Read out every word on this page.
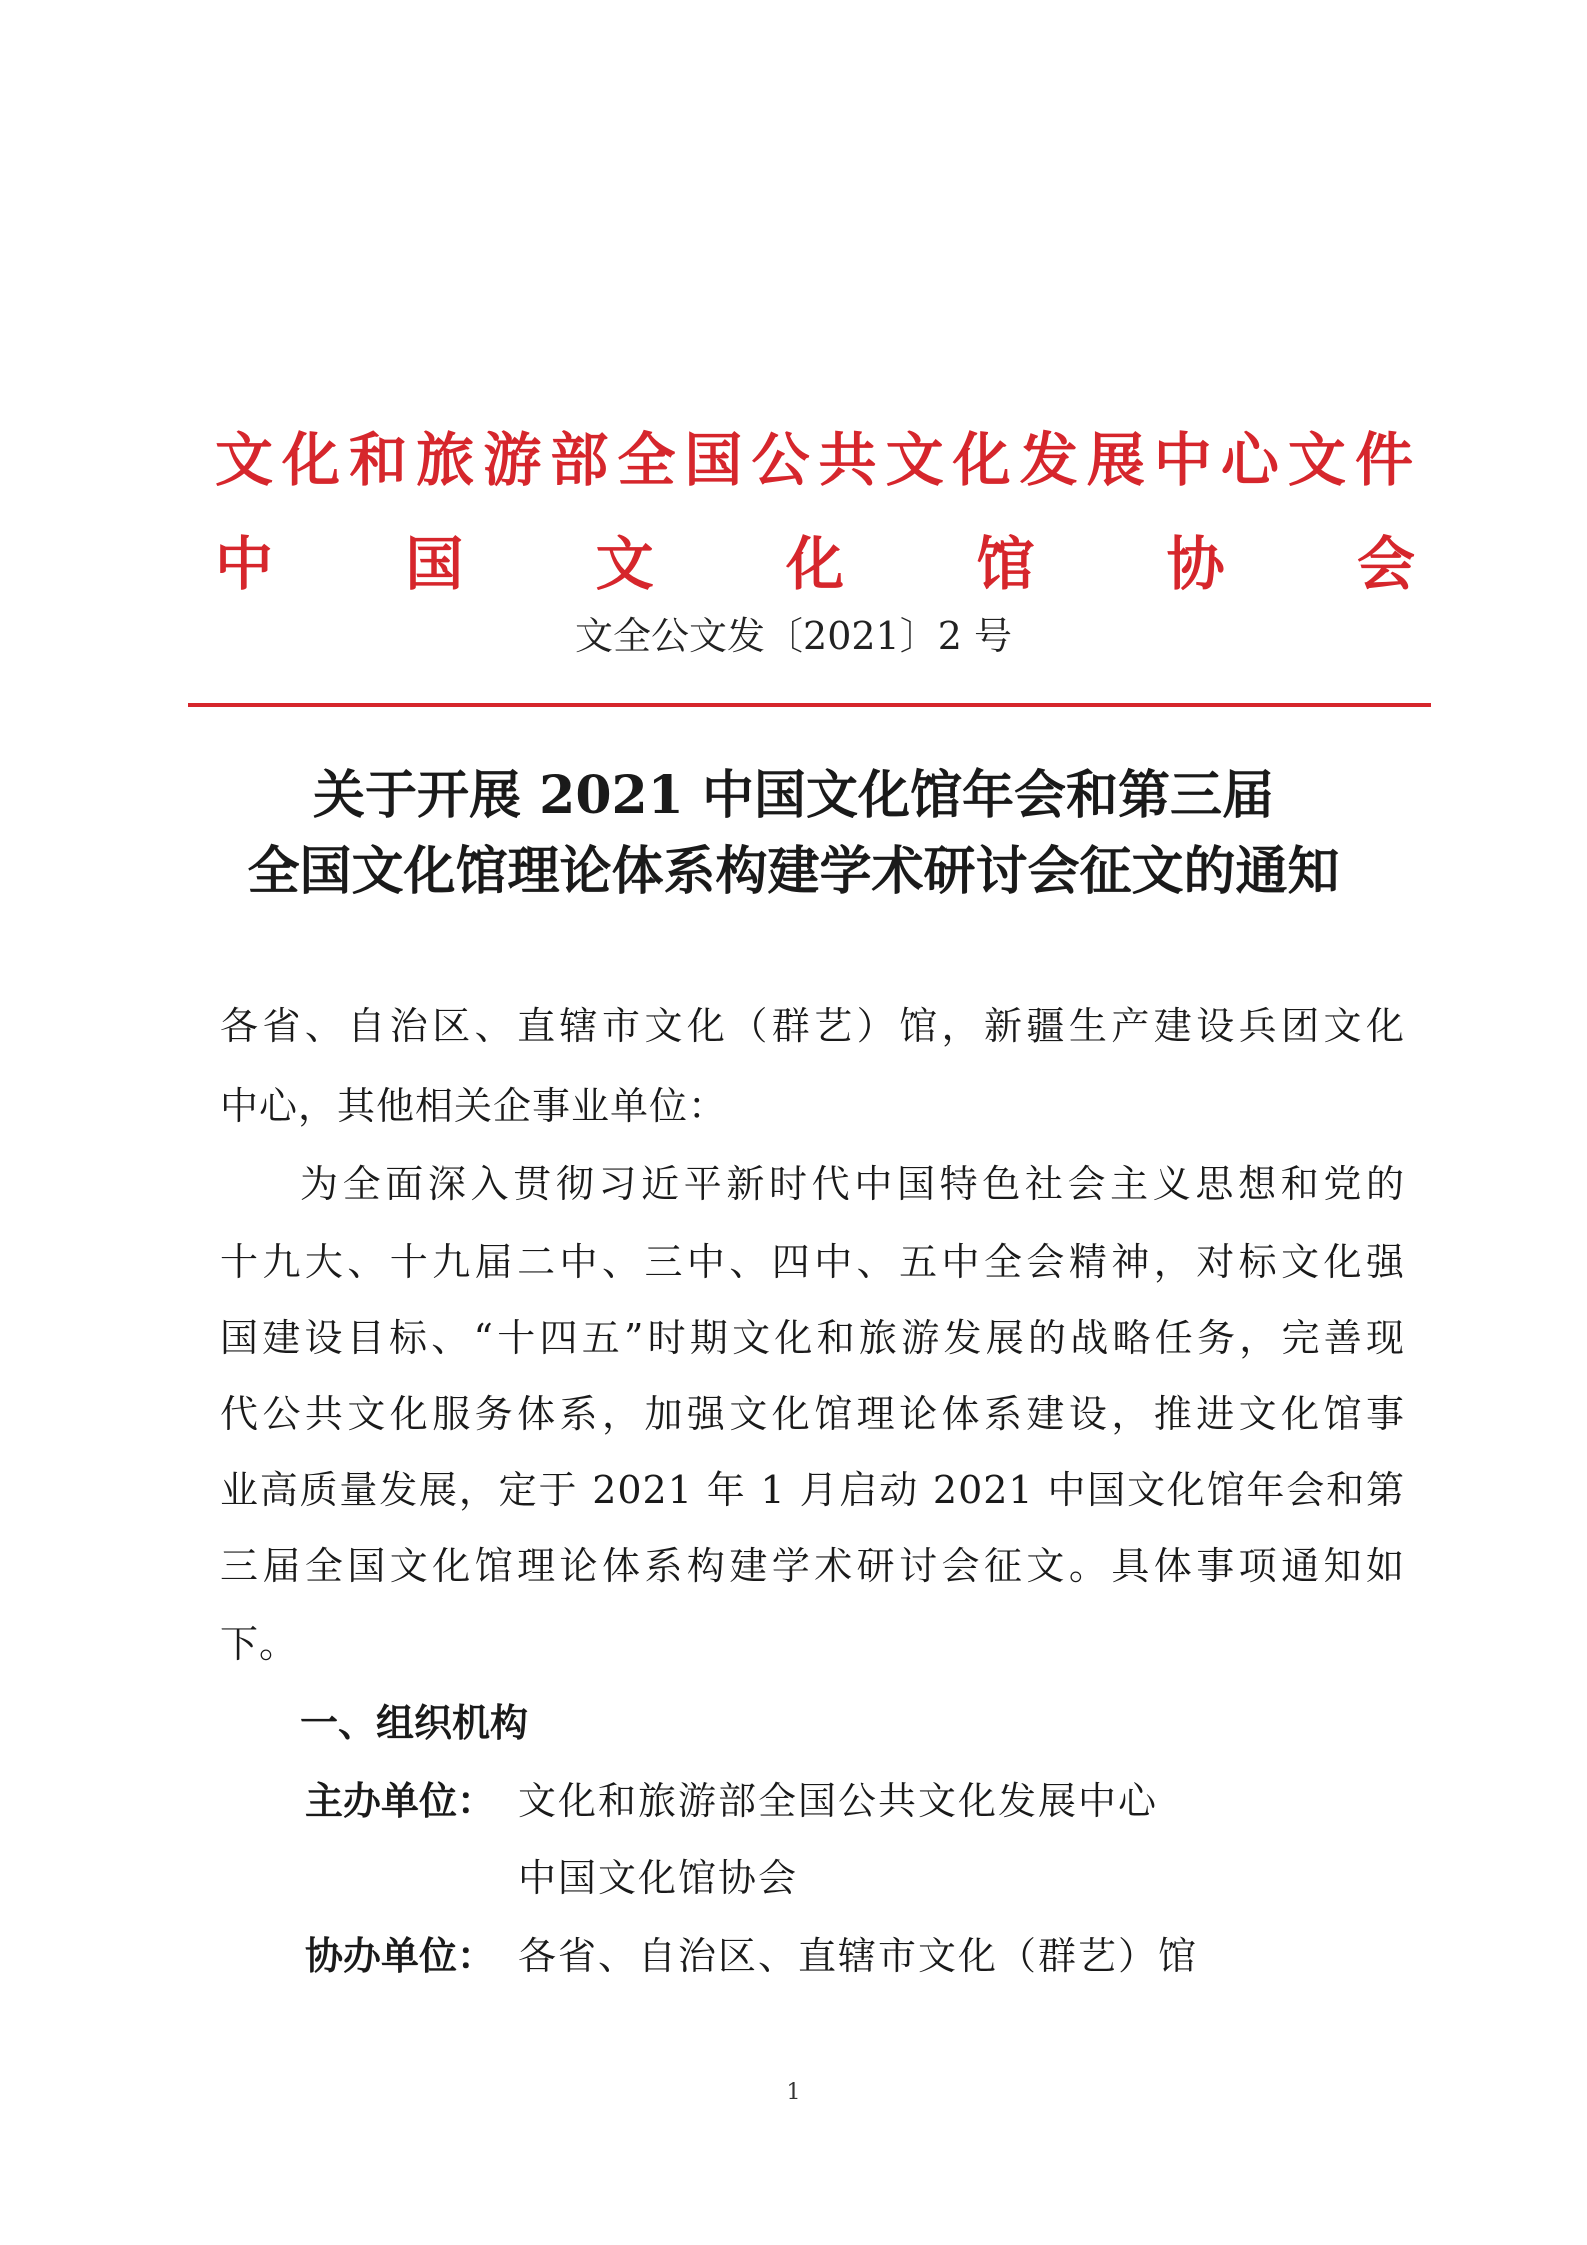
文化和旅游部全国公共文化发展中心文件
中 国 文 化 馆 协 会
文全公文发〔2021〕2 号
关于开展 2021 中国文化馆年会和第三届
全国文化馆理论体系构建学术研讨会征文的通知
各省、自治区、直辖市文化（群艺）馆，新疆生产建设兵团文化
中心，其他相关企事业单位：
为全面深入贯彻习近平新时代中国特色社会主义思想和党的
十九大、十九届二中、三中、四中、五中全会精神，对标文化强
国建设目标、“十四五”时期文化和旅游发展的战略任务，完善现
代公共文化服务体系，加强文化馆理论体系建设，推进文化馆事
业高质量发展，定于 2021 年 1 月启动 2021 中国文化馆年会和第
三届全国文化馆理论体系构建学术研讨会征文。具体事项通知如
下。
一、组织机构
主办单位： 文化和旅游部全国公共文化发展中心
中国文化馆协会
协办单位： 各省、自治区、直辖市文化（群艺）馆
1
